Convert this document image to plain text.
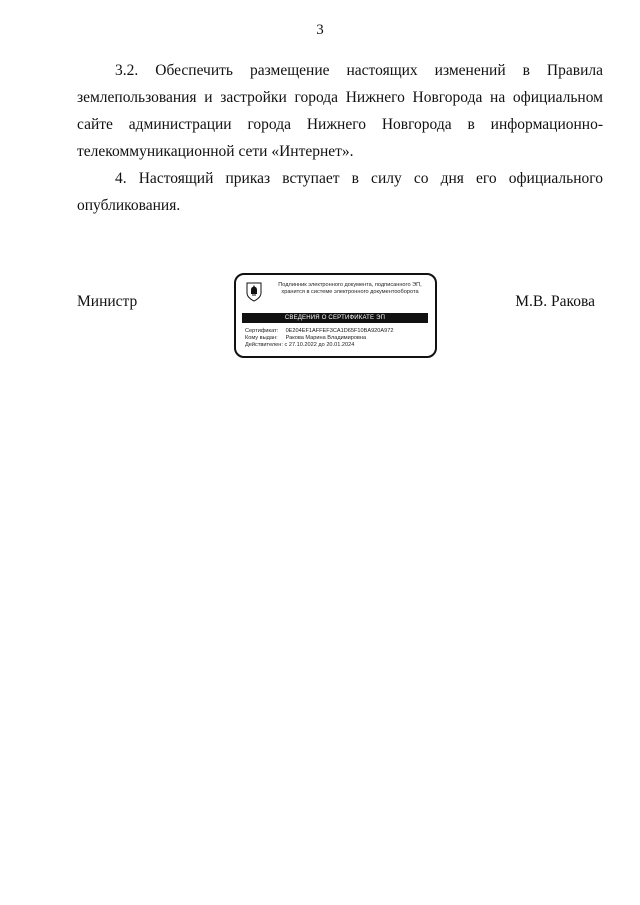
3

3.2. Обеспечить размещение настоящих изменений в Правила землепользования и застройки города Нижнего Новгорода на официальном сайте администрации города Нижнего Новгорода в информационно-

телекоммуникационной сети «Интернет».

4. Настоящий приказ вступает в силу со дня его официального опубликования.

Министр
Подлинник электронного документа, подписанного ЭП,
хранится в системе электронного документооборота
СВЕДЕНИЯ О СЕРТИФИКАТЕ ЭП
Сертификат: 0E204EF1AFFEF3CA1D65F10BA920A972
Кому выдан: Ракова Марина Владимировна
Действителен: с 27.10.2022 до 20.01.2024
М.В. Ракова
